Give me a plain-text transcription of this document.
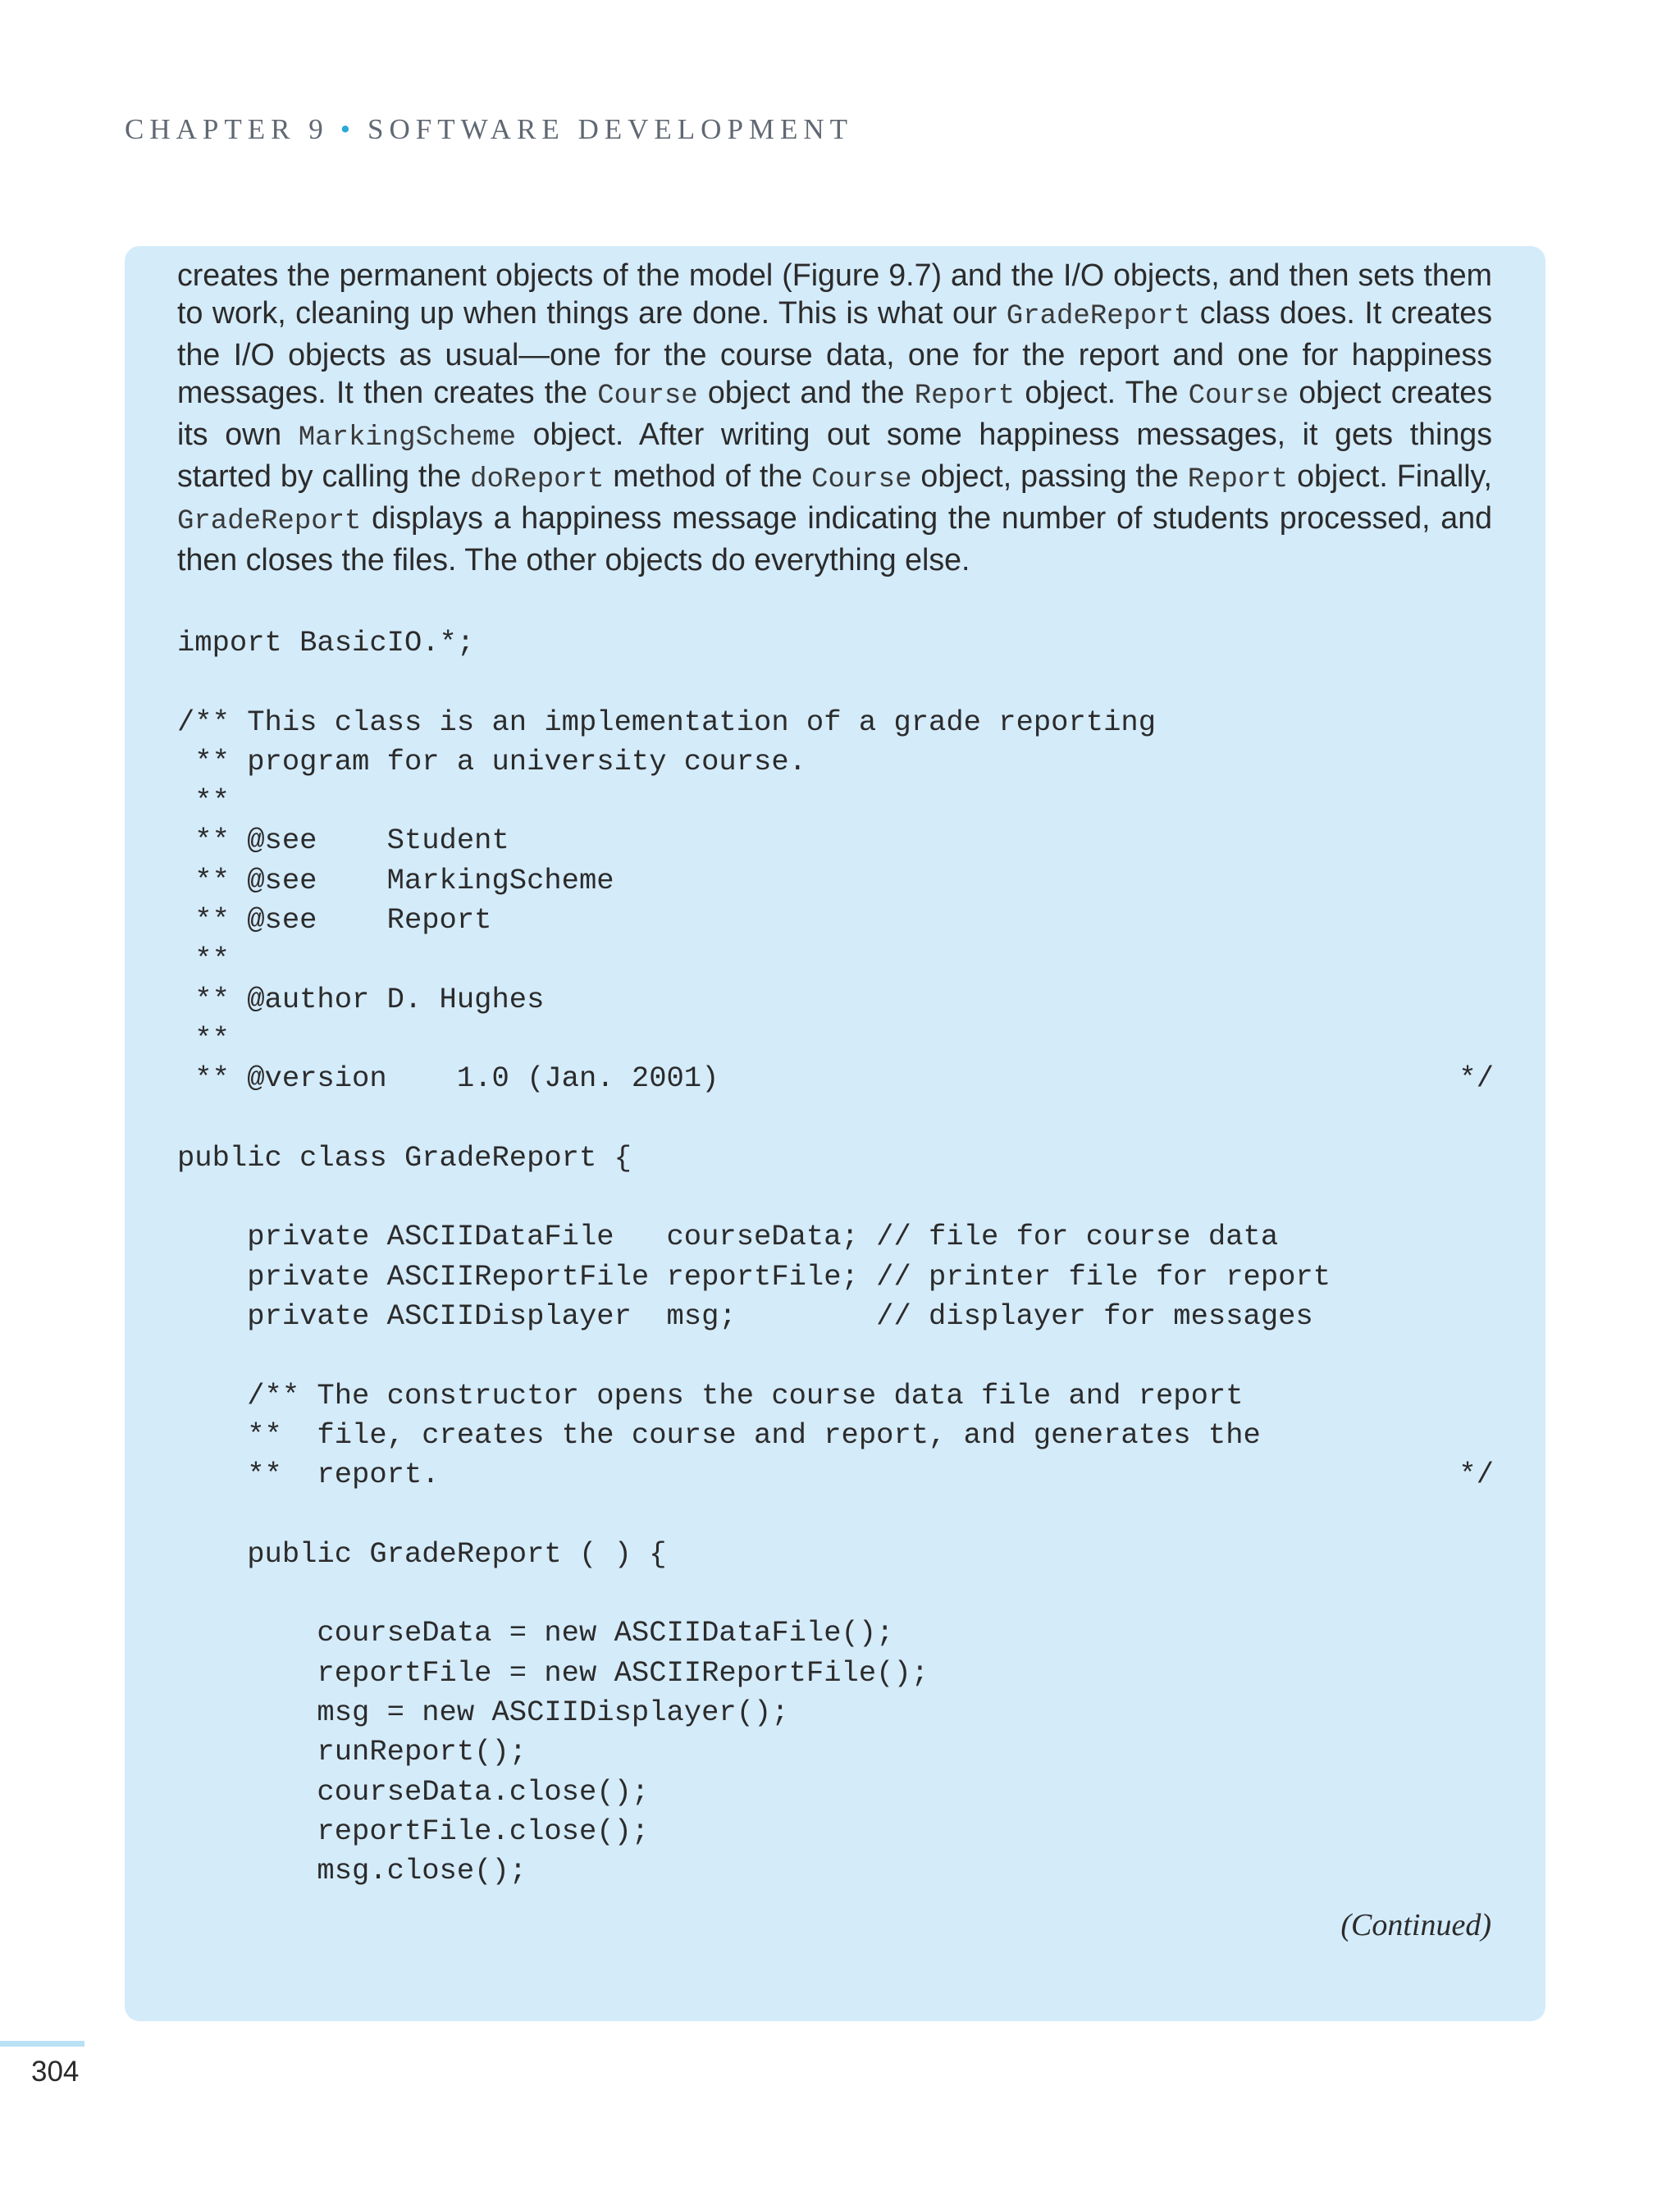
CHAPTER 9 • SOFTWARE DEVELOPMENT
creates the permanent objects of the model (Figure 9.7) and the I/O objects, and then sets them to work, cleaning up when things are done. This is what our GradeReport class does. It creates the I/O objects as usual—one for the course data, one for the report and one for happiness messages. It then creates the Course object and the Report object. The Course object creates its own MarkingScheme object. After writing out some happiness messages, it gets things started by calling the doReport method of the Course object, passing the Report object. Finally, GradeReport displays a happiness message indicating the number of students processed, and then closes the files. The other objects do everything else.
import BasicIO.*;
/** This class is an implementation of a grade reporting
** program for a university course.
**
** @see    Student
** @see    MarkingScheme
** @see    Report
**
** @author D. Hughes
**
** @version    1.0 (Jan. 2001)	*/
public class GradeReport {
private ASCIIDataFile   courseData; // file for course data
private ASCIIReportFile reportFile; // printer file for report
private ASCIIDisplayer  msg;        // displayer for messages
/** The constructor opens the course data file and report
**  file, creates the course and report, and generates the
**  report.	*/
public GradeReport ( ) {
courseData = new ASCIIDataFile();
reportFile = new ASCIIReportFile();
msg = new ASCIIDisplayer();
runReport();
courseData.close();
reportFile.close();
msg.close();
(Continued)
304
